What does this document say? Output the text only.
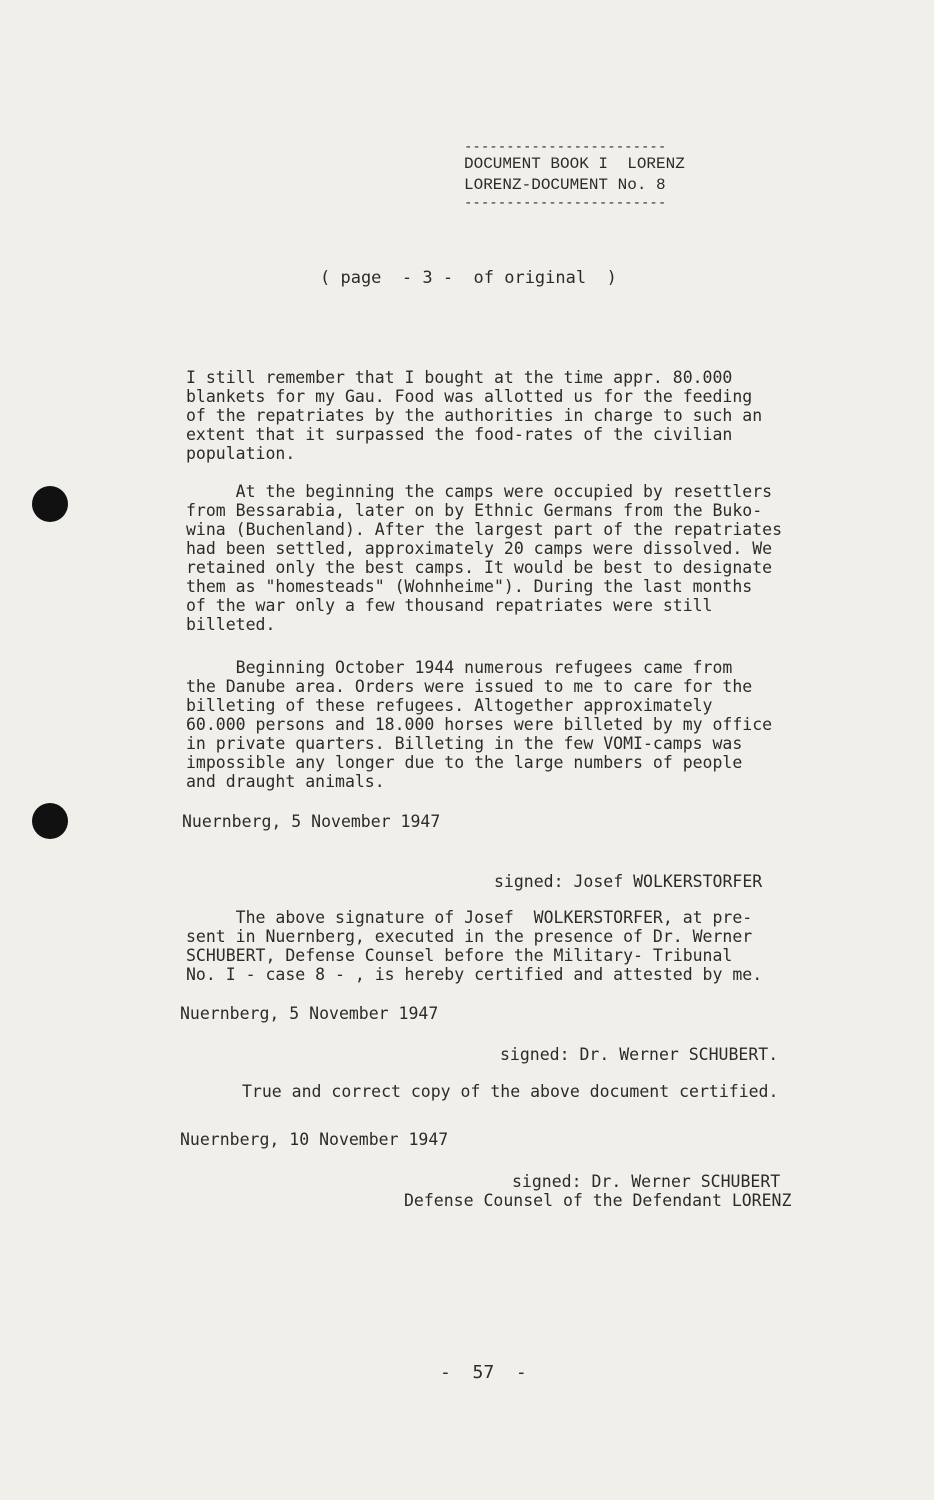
------------------------
DOCUMENT BOOK I  LORENZ
LORENZ-DOCUMENT No. 8
------------------------
( page  - 3 -  of original  )
I still remember that I bought at the time appr. 80.000
blankets for my Gau. Food was allotted us for the feeding
of the repatriates by the authorities in charge to such an
extent that it surpassed the food-rates of the civilian
population.
At the beginning the camps were occupied by resettlers
from Bessarabia, later on by Ethnic Germans from the Buko-
wina (Buchenland). After the largest part of the repatriates
had been settled, approximately 20 camps were dissolved. We
retained only the best camps. It would be best to designate
them as "homesteads" (Wohnheime"). During the last months
of the war only a few thousand repatriates were still
billeted.
Beginning October 1944 numerous refugees came from
the Danube area. Orders were issued to me to care for the
billeting of these refugees. Altogether approximately
60.000 persons and 18.000 horses were billeted by my office
in private quarters. Billeting in the few VOMI-camps was
impossible any longer due to the large numbers of people
and draught animals.
Nuernberg, 5 November 1947
signed: Josef WOLKERSTORFER
The above signature of Josef  WOLKERSTORFER, at pre-
sent in Nuernberg, executed in the presence of Dr. Werner
SCHUBERT, Defense Counsel before the Military- Tribunal
No. I - case 8 - , is hereby certified and attested by me.
Nuernberg, 5 November 1947
signed: Dr. Werner SCHUBERT.
True and correct copy of the above document certified.
Nuernberg, 10 November 1947
signed: Dr. Werner SCHUBERT
Defense Counsel of the Defendant LORENZ
-  57  -
